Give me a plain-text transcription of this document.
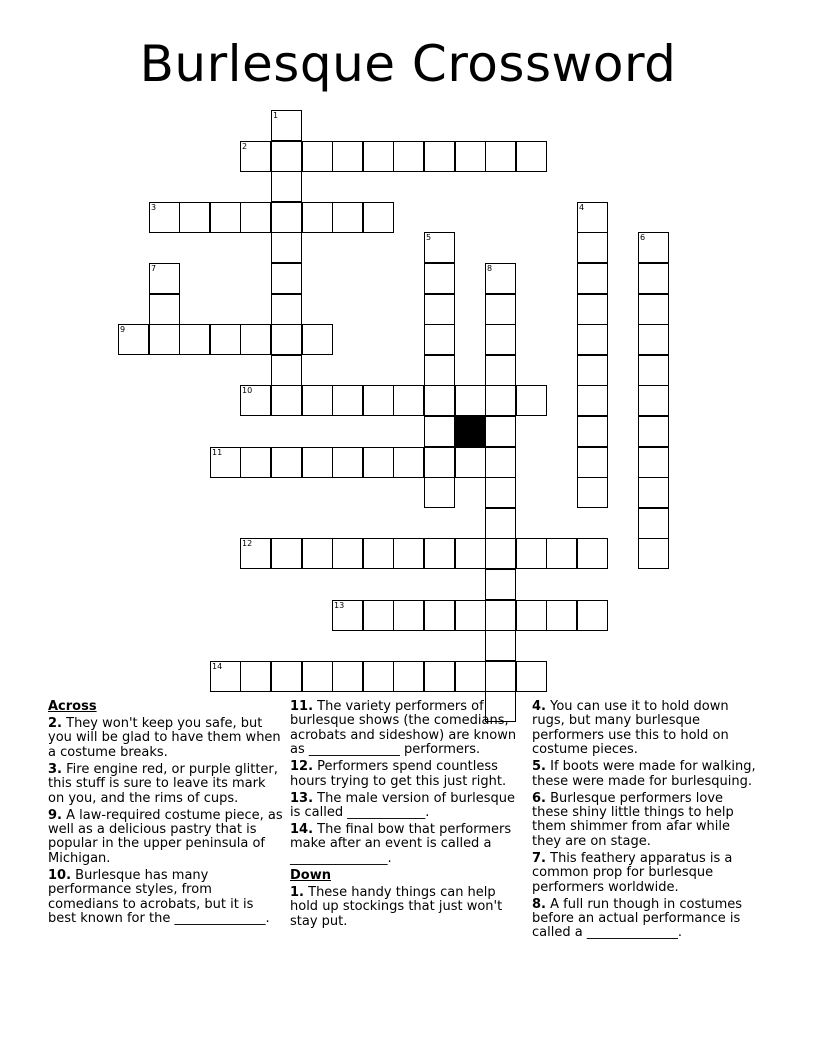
Burlesque Crossword
2
3
9
10
11
12
13
14
1
5
4
6
7	8

Across

2. They won't keep you safe, but you will be glad to have them when a costume breaks.

3. Fire engine red, or purple glitter, this stuff is sure to leave its mark on you, and the rims of cups.

9. A law-required costume piece, as well as a delicious pastry that is popular in the upper peninsula of Michigan.

10. Burlesque has many performance styles, from comedians to acrobats, but it is best known for the ______________.

11. The variety performers of burlesque shows (the comedians, acrobats and sideshow) are known as ______________ performers.

12. Performers spend countless hours trying to get this just right.

13. The male version of burlesque is called ____________.

14. The final bow that performers make after an event is called a _______________.

Down

1. These handy things can help hold up stockings that just won't stay put.

4. You can use it to hold down rugs, but many burlesque performers use this to hold on costume pieces.

5. If boots were made for walking, these were made for burlesquing.

6. Burlesque performers love these shiny little things to help them shimmer from afar while they are on stage.

7. This feathery apparatus is a common prop for burlesque performers worldwide.

8. A full run though in costumes before an actual performance is called a ______________.
